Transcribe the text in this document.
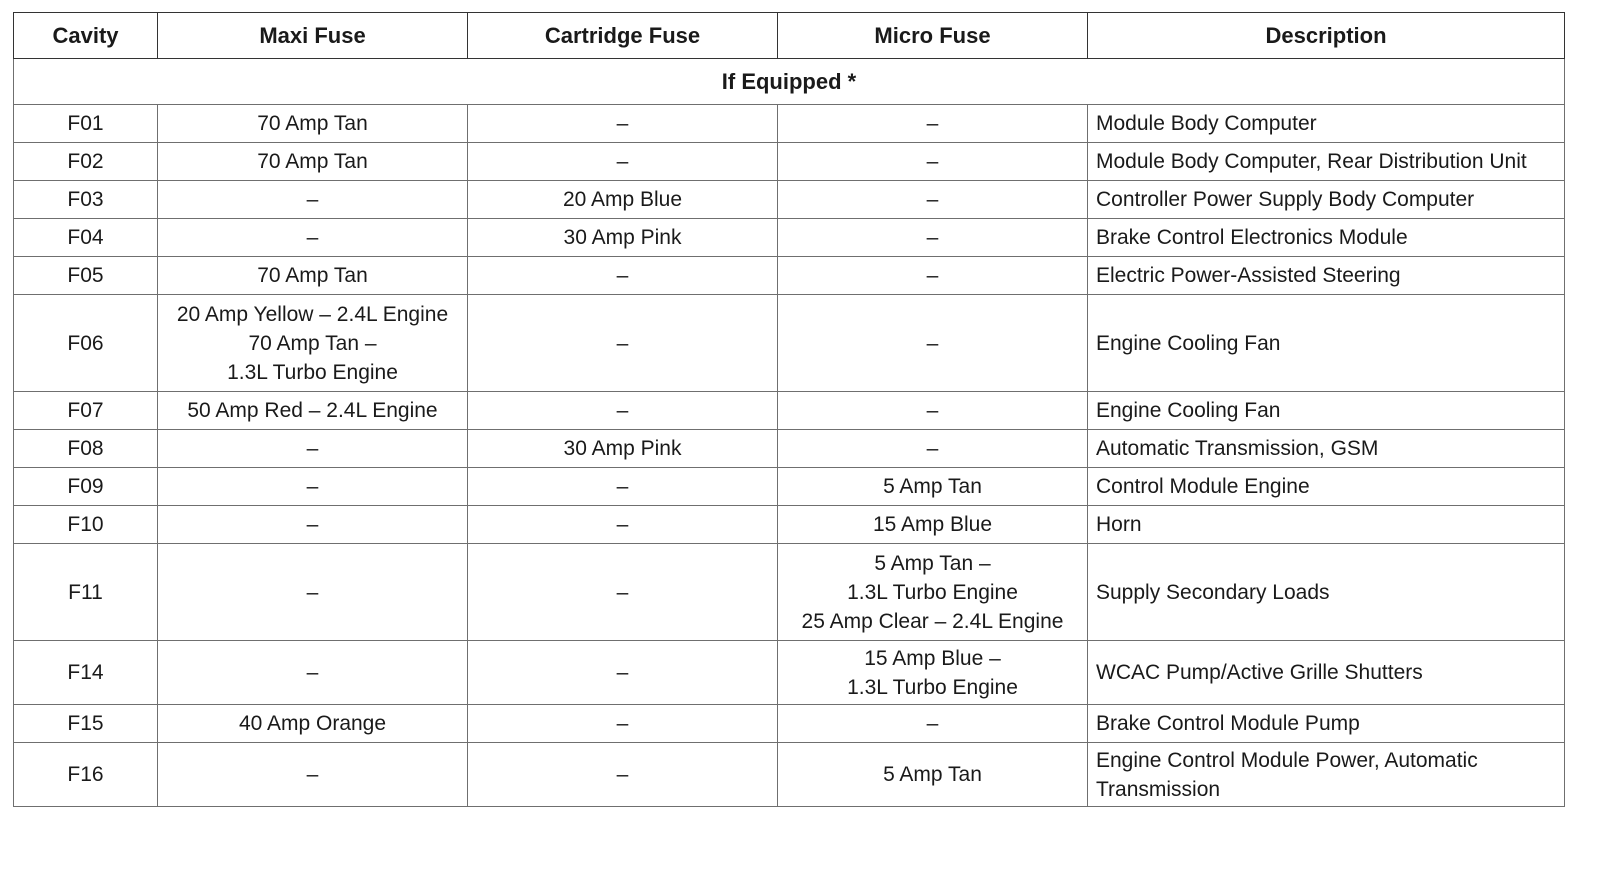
Cavity	Maxi Fuse	Cartridge Fuse	Micro Fuse	Description
If Equipped *				
F01	70 Amp Tan	–	–	Module Body Computer

F02	70 Amp Tan	–	–	Module Body Computer, Rear Distribution Unit

F03	–	20 Amp Blue	–	Controller Power Supply Body Computer

F04	–	30 Amp Pink	–	Brake Control Electronics Module

F05	70 Amp Tan	–	–	Electric Power-Assisted Steering

F06	20 Amp Yellow – 2.4L Engine
70 Amp Tan –
1.3L Turbo Engine	–	–	Engine Cooling Fan

F07	50 Amp Red – 2.4L Engine	–	–	Engine Cooling Fan

F08	–	30 Amp Pink	–	Automatic Transmission, GSM

F09	–	–	5 Amp Tan	Control Module Engine

F10	–	–	15 Amp Blue	Horn

F11	–	–	5 Amp Tan –
1.3L Turbo Engine
25 Amp Clear – 2.4L Engine	Supply Secondary Loads

F14	–	–	15 Amp Blue –
1.3L Turbo Engine	WCAC Pump/Active Grille Shutters

F15	40 Amp Orange	–	–	Brake Control Module Pump

F16	–	–	5 Amp Tan	Engine Control Module Power, Automatic
Transmission
